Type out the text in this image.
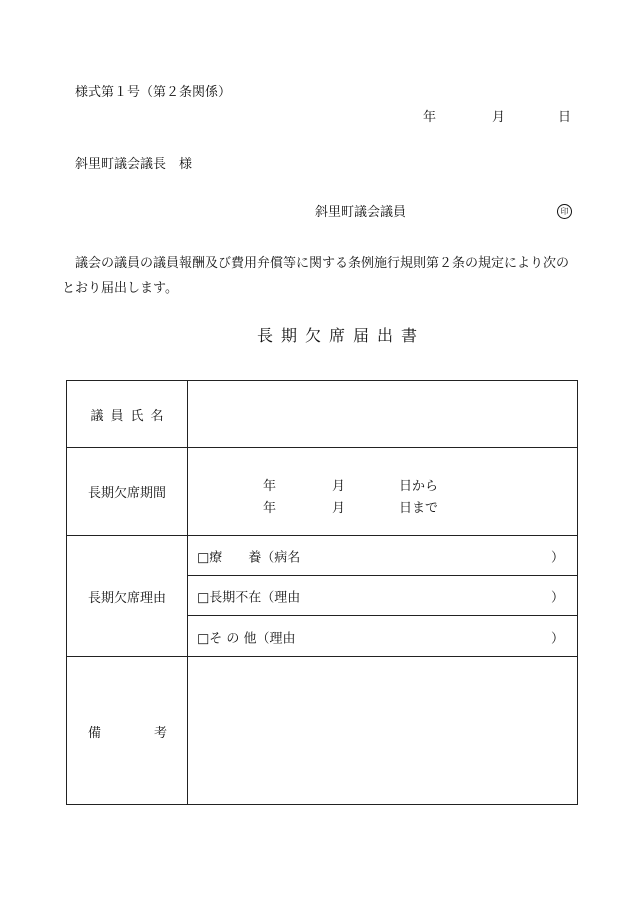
様式第１号（第２条関係）
年	月	日
斜里町議会議長　様
斜里町議会議員	印
議会の議員の議員報酬及び費用弁償等に関する条例施行規則第２条の規定により次のとおり届出します。
長期欠席届出書
議員氏名
長期欠席期間	年	月	日から
年	月	日まで
長期欠席理由
□療　　養（病名	）
□長期不在（理由	）
□そ の 他（理由	）
備	考
